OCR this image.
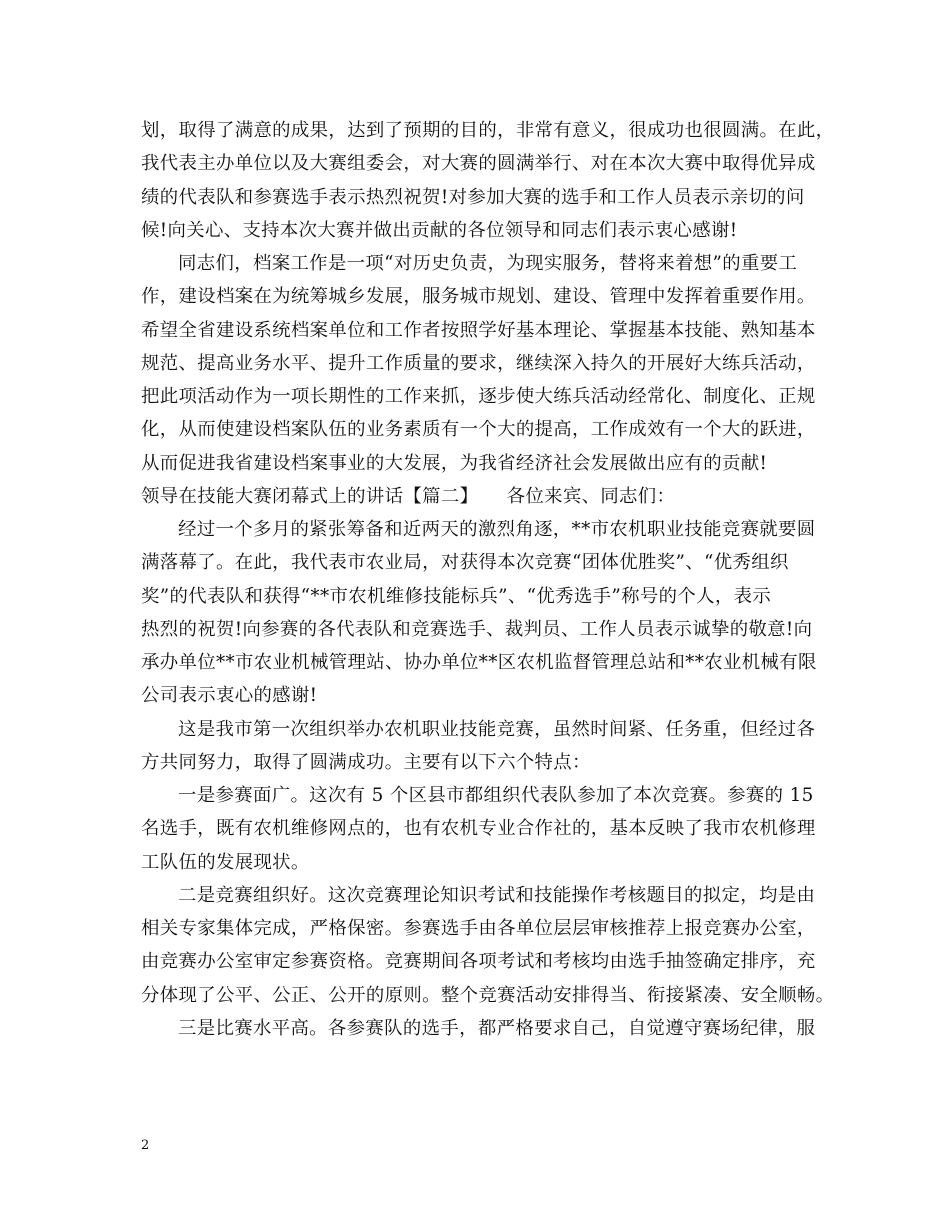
划，取得了满意的成果，达到了预期的目的，非常有意义，很成功也很圆满。在此，
我代表主办单位以及大赛组委会，对大赛的圆满举行、对在本次大赛中取得优异成
绩的代表队和参赛选手表示热烈祝贺!对参加大赛的选手和工作人员表示亲切的问
候!向关心、支持本次大赛并做出贡献的各位领导和同志们表示衷心感谢!
同志们，档案工作是一项“对历史负责，为现实服务，替将来着想”的重要工
作，建设档案在为统筹城乡发展，服务城市规划、建设、管理中发挥着重要作用。
希望全省建设系统档案单位和工作者按照学好基本理论、掌握基本技能、熟知基本
规范、提高业务水平、提升工作质量的要求，继续深入持久的开展好大练兵活动，
把此项活动作为一项长期性的工作来抓，逐步使大练兵活动经常化、制度化、正规
化，从而使建设档案队伍的业务素质有一个大的提高，工作成效有一个大的跃进，
从而促进我省建设档案事业的大发展，为我省经济社会发展做出应有的贡献!
领导在技能大赛闭幕式上的讲话【篇二】　　各位来宾、同志们：
经过一个多月的紧张筹备和近两天的激烈角逐，**市农机职业技能竞赛就要圆
满落幕了。在此，我代表市农业局，对获得本次竞赛“团体优胜奖”、“优秀组织
奖”的代表队和获得“**市农机维修技能标兵”、“优秀选手”称号的个人，表示
热烈的祝贺!向参赛的各代表队和竞赛选手、裁判员、工作人员表示诚挚的敬意!向
承办单位**市农业机械管理站、协办单位**区农机监督管理总站和**农业机械有限
公司表示衷心的感谢!
这是我市第一次组织举办农机职业技能竞赛，虽然时间紧、任务重，但经过各
方共同努力，取得了圆满成功。主要有以下六个特点：
一是参赛面广。这次有 5 个区县市都组织代表队参加了本次竞赛。参赛的 15
名选手，既有农机维修网点的，也有农机专业合作社的，基本反映了我市农机修理
工队伍的发展现状。
二是竞赛组织好。这次竞赛理论知识考试和技能操作考核题目的拟定，均是由
相关专家集体完成，严格保密。参赛选手由各单位层层审核推荐上报竞赛办公室，
由竞赛办公室审定参赛资格。竞赛期间各项考试和考核均由选手抽签确定排序，充
分体现了公平、公正、公开的原则。整个竞赛活动安排得当、衔接紧凑、安全顺畅。
三是比赛水平高。各参赛队的选手，都严格要求自己，自觉遵守赛场纪律，服
2
